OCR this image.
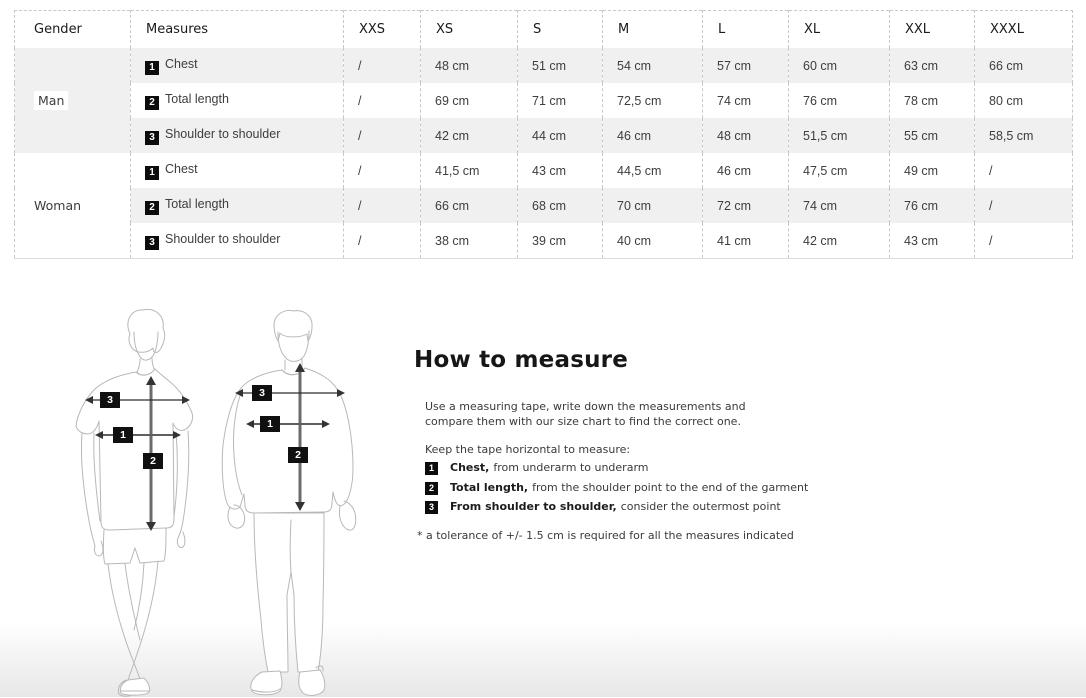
Gender	Measures	XXS	XS	S	M	L	XL	XXL	XXXL
Man	1 Chest	/	48 cm	51 cm	54 cm	57 cm	60 cm	63 cm	66 cm
	2 Total length	/	69 cm	71 cm	72,5 cm	74 cm	76 cm	78 cm	80 cm
	3 Shoulder to shoulder	/	42 cm	44 cm	46 cm	48 cm	51,5 cm	55 cm	58,5 cm
Woman	1 Chest	/	41,5 cm	43 cm	44,5 cm	46 cm	47,5 cm	49 cm	/
	2 Total length	/	66 cm	68 cm	70 cm	72 cm	74 cm	76 cm	/
	3 Shoulder to shoulder	/	38 cm	39 cm	40 cm	41 cm	42 cm	43 cm	/
3
1
2
3
1
2
How to measure

Use a measuring tape, write down the measurements and compare them with our size chart to find the correct one.

Keep the tape horizontal to measure:

1	Chest, from underarm to underarm
2	Total length, from the shoulder point to the end of the garment
3	From shoulder to shoulder, consider the outermost point

* a tolerance of +/- 1.5 cm is required for all the measures indicated
